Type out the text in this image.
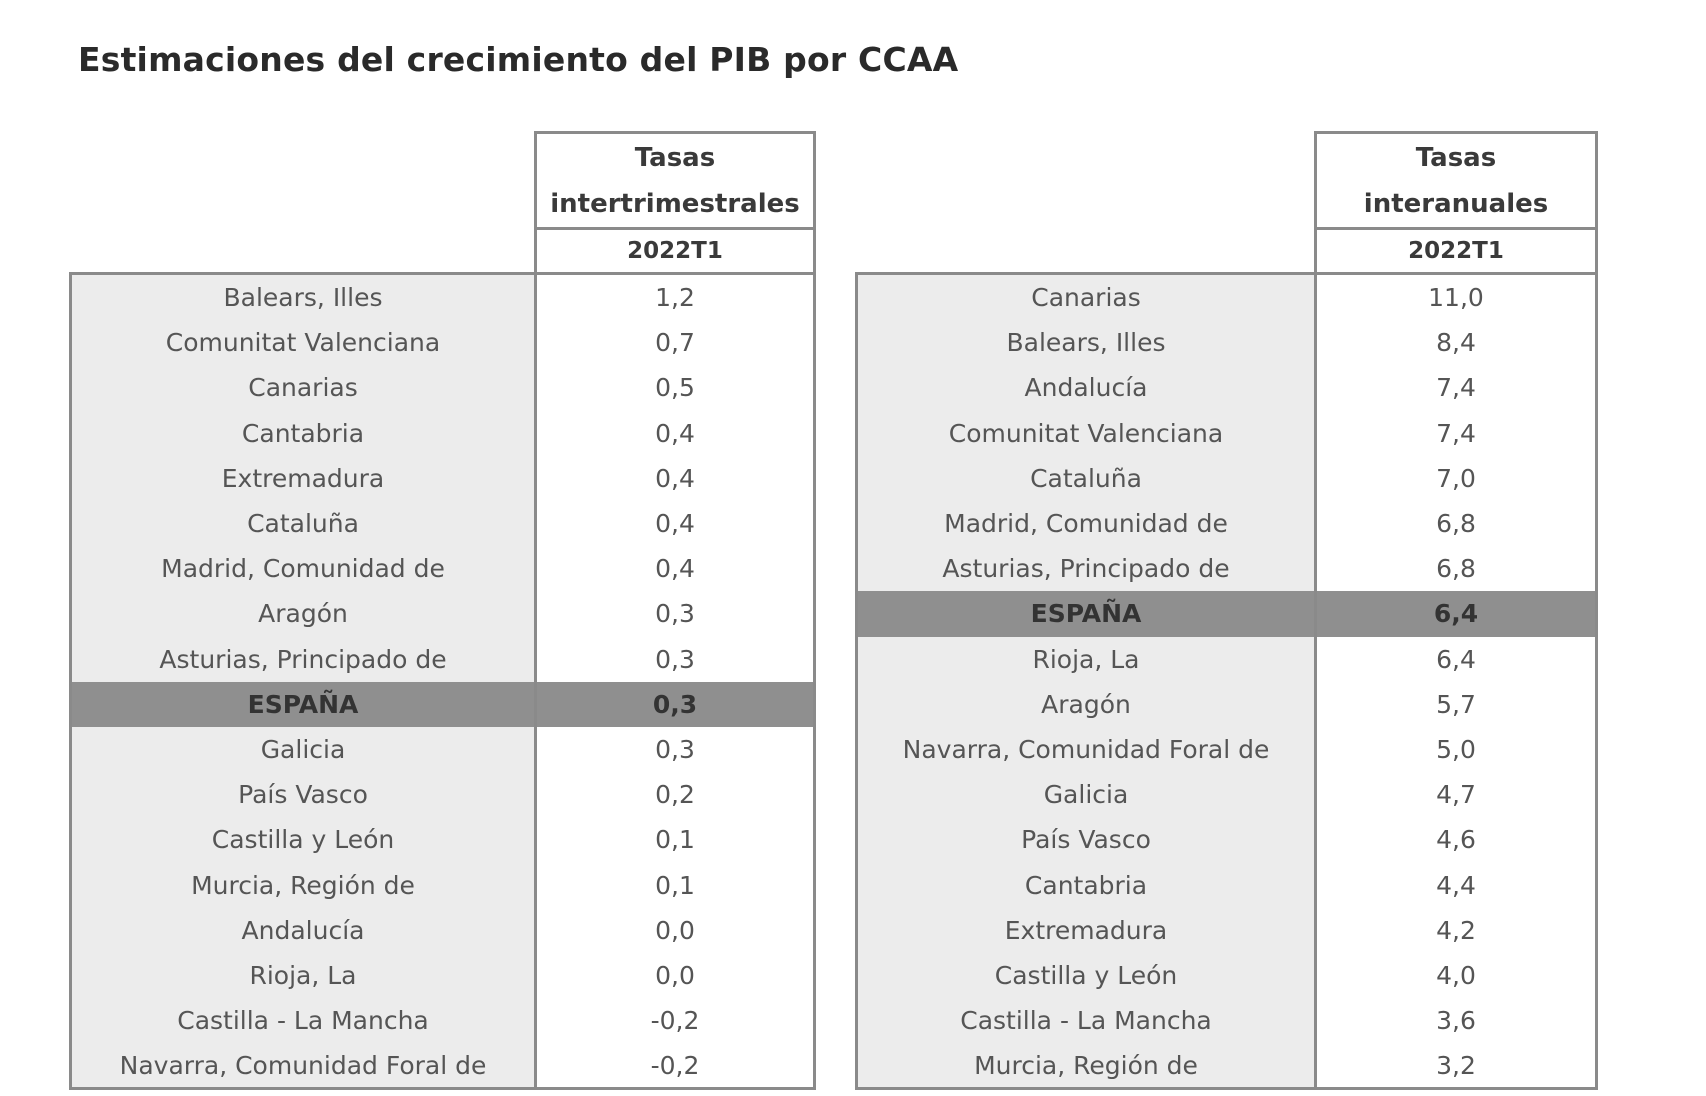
Estimaciones del crecimiento del PIB por CCAA
Tasas
intertrimestrales
2022T1
Balears, Illes
Comunitat Valenciana
Canarias
Cantabria
Extremadura
Cataluña
Madrid, Comunidad de
Aragón
Asturias, Principado de
ESPAÑA
Galicia
País Vasco
Castilla y León
Murcia, Región de
Andalucía
Rioja, La
Castilla - La Mancha
Navarra, Comunidad Foral de
1,2
0,7
0,5
0,4
0,4
0,4
0,4
0,3
0,3
0,3
0,3
0,2
0,1
0,1
0,0
0,0
-0,2
-0,2
Tasas
interanuales
2022T1
Canarias
Balears, Illes
Andalucía
Comunitat Valenciana
Cataluña
Madrid, Comunidad de
Asturias, Principado de
ESPAÑA
Rioja, La
Aragón
Navarra, Comunidad Foral de
Galicia
País Vasco
Cantabria
Extremadura
Castilla y León
Castilla - La Mancha
Murcia, Región de
11,0
8,4
7,4
7,4
7,0
6,8
6,8
6,4
6,4
5,7
5,0
4,7
4,6
4,4
4,2
4,0
3,6
3,2
